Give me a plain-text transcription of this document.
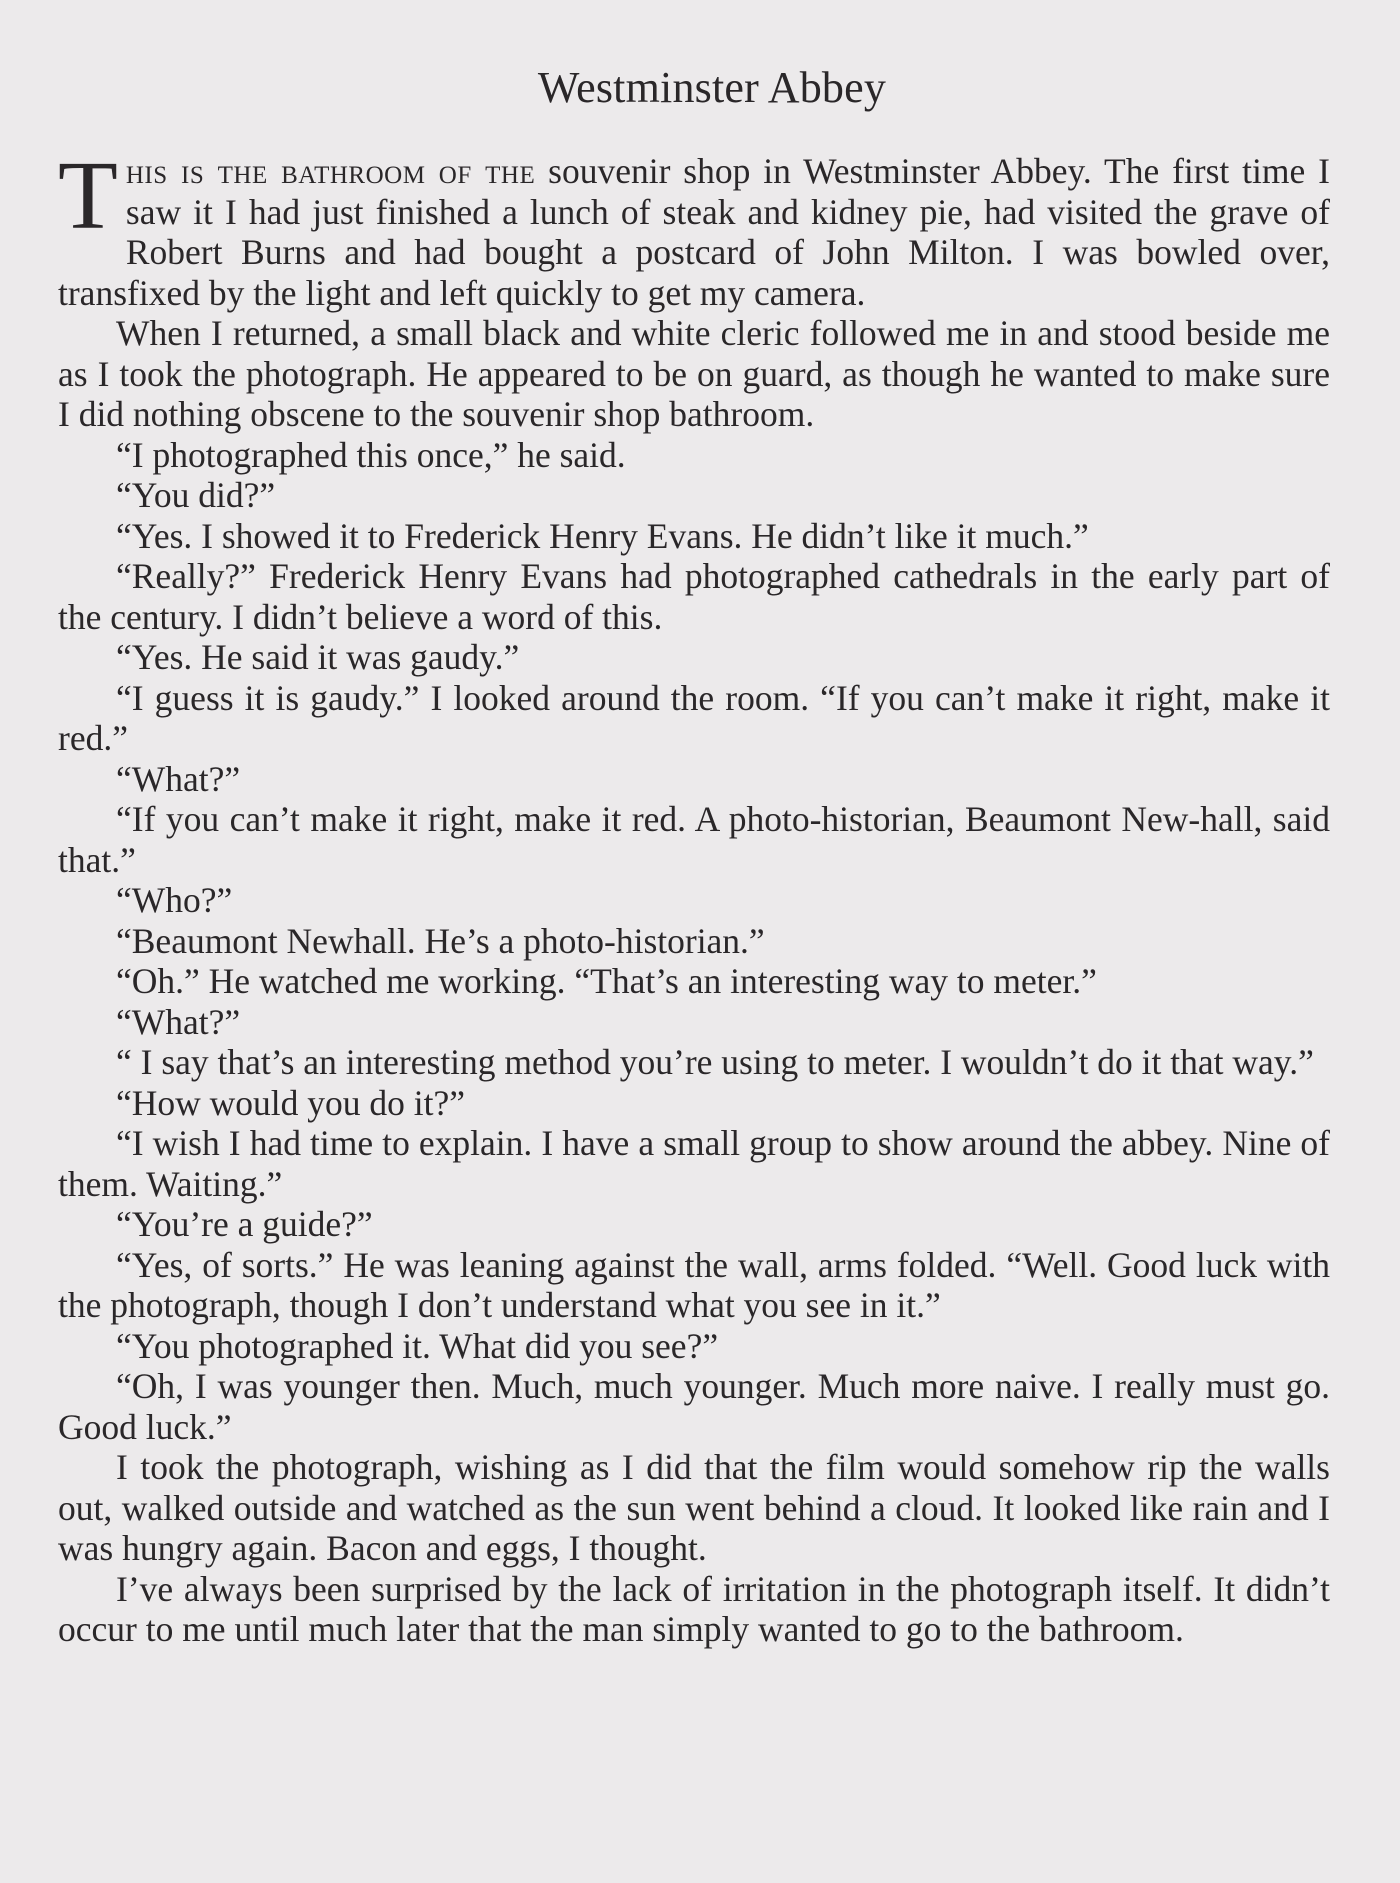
Westminster Abbey

This is the bathroom of the souvenir shop in Westminster Abbey. The first time I saw it I had just finished a lunch of steak and kidney pie, had visited the grave of Robert Burns and had bought a postcard of John Milton. I was bowled over, transfixed by the light and left quickly to get my camera.

When I returned, a small black and white cleric followed me in and stood beside me as I took the photograph. He appeared to be on guard, as though he wanted to make sure I did nothing obscene to the souvenir shop bathroom.

“I photographed this once,” he said.

“You did?”

“Yes. I showed it to Frederick Henry Evans. He didn’t like it much.”

“Really?” Frederick Henry Evans had photographed cathedrals in the early part of the century. I didn’t believe a word of this.

“Yes. He said it was gaudy.”

“I guess it is gaudy.” I looked around the room. “If you can’t make it right, make it red.”

“What?”

“If you can’t make it right, make it red. A photo-historian, Beaumont New-hall, said that.”

“Who?”

“Beaumont Newhall. He’s a photo-historian.”

“Oh.” He watched me working. “That’s an interesting way to meter.”

“What?”

“ I say that’s an interesting method you’re using to meter. I wouldn’t do it that way.”

“How would you do it?”

“I wish I had time to explain. I have a small group to show around the abbey. Nine of them. Waiting.”

“You’re a guide?”

“Yes, of sorts.” He was leaning against the wall, arms folded. “Well. Good luck with the photograph, though I don’t understand what you see in it.”

“You photographed it. What did you see?”

“Oh, I was younger then. Much, much younger. Much more naive. I really must go. Good luck.”

I took the photograph, wishing as I did that the film would somehow rip the walls out, walked outside and watched as the sun went behind a cloud. It looked like rain and I was hungry again. Bacon and eggs, I thought.

I’ve always been surprised by the lack of irritation in the photograph itself. It didn’t occur to me until much later that the man simply wanted to go to the bathroom.
